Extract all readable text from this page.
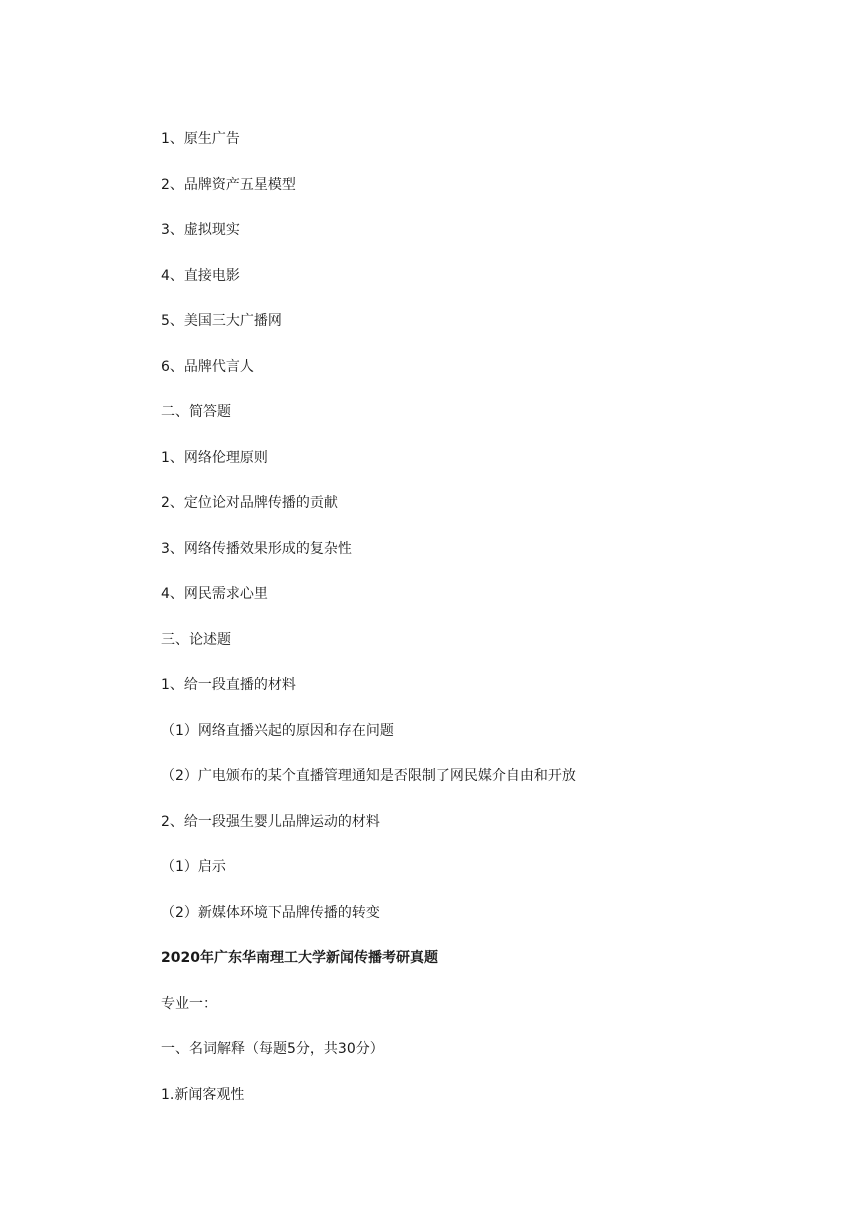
1、原生广告
2、品牌资产五星模型
3、虚拟现实
4、直接电影
5、美国三大广播网
6、品牌代言人
二、简答题
1、网络伦理原则
2、定位论对品牌传播的贡献
3、网络传播效果形成的复杂性
4、网民需求心里
三、论述题
1、给一段直播的材料
（1）网络直播兴起的原因和存在问题
（2）广电颁布的某个直播管理通知是否限制了网民媒介自由和开放
2、给一段强生婴儿品牌运动的材料
（1）启示
（2）新媒体环境下品牌传播的转变
2020年广东华南理工大学新闻传播考研真题
专业一：
一、名词解释（每题5分，共30分）
1.新闻客观性
